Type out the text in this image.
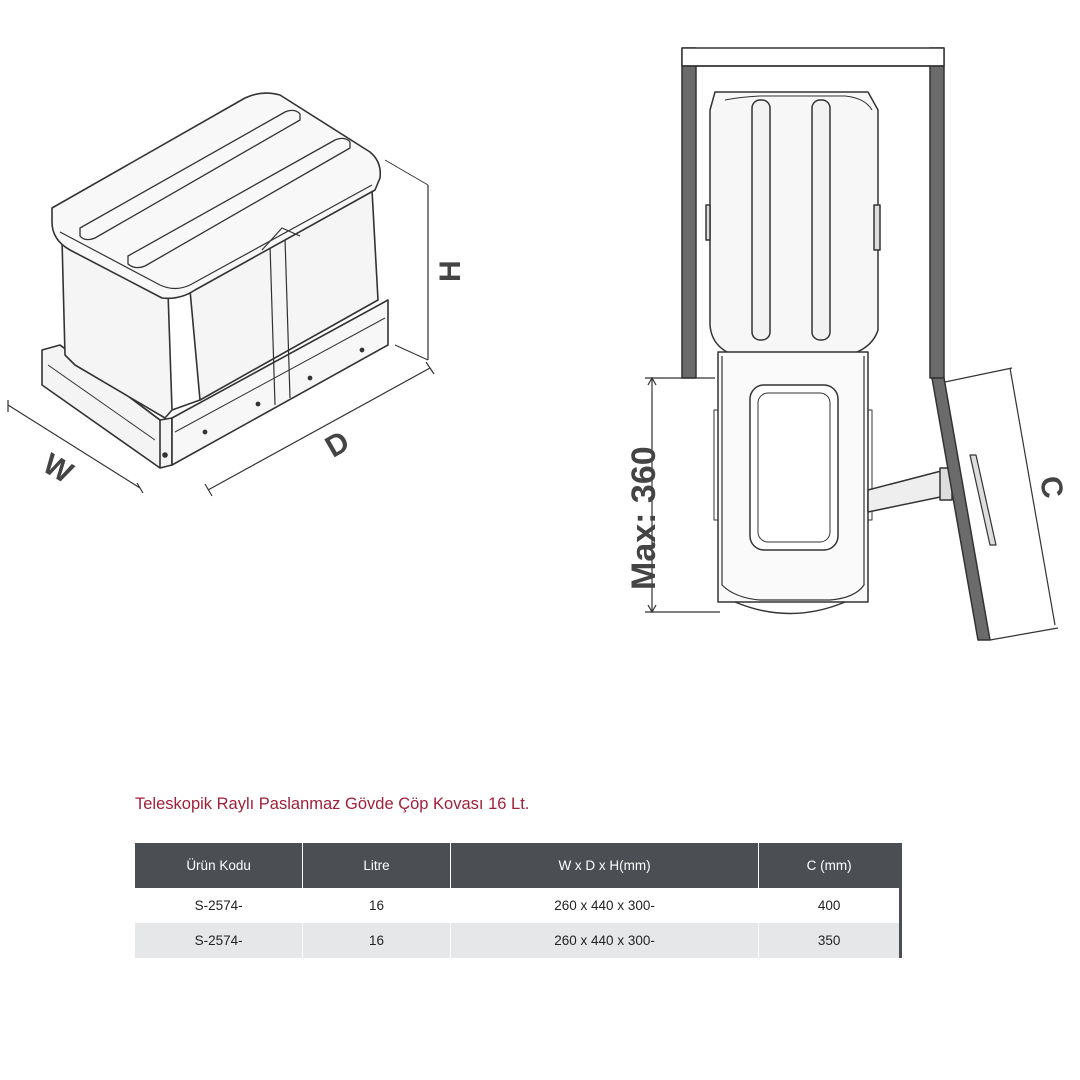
W
D
H
Max: 360	C
Teleskopik Raylı Paslanmaz Gövde Çöp Kovası 16 Lt.
Ürün Kodu	Litre	W x D x H(mm)	C (mm)
S-2574-	16	260 x 440 x 300-	400
S-2574-	16	260 x 440 x 300-	350
